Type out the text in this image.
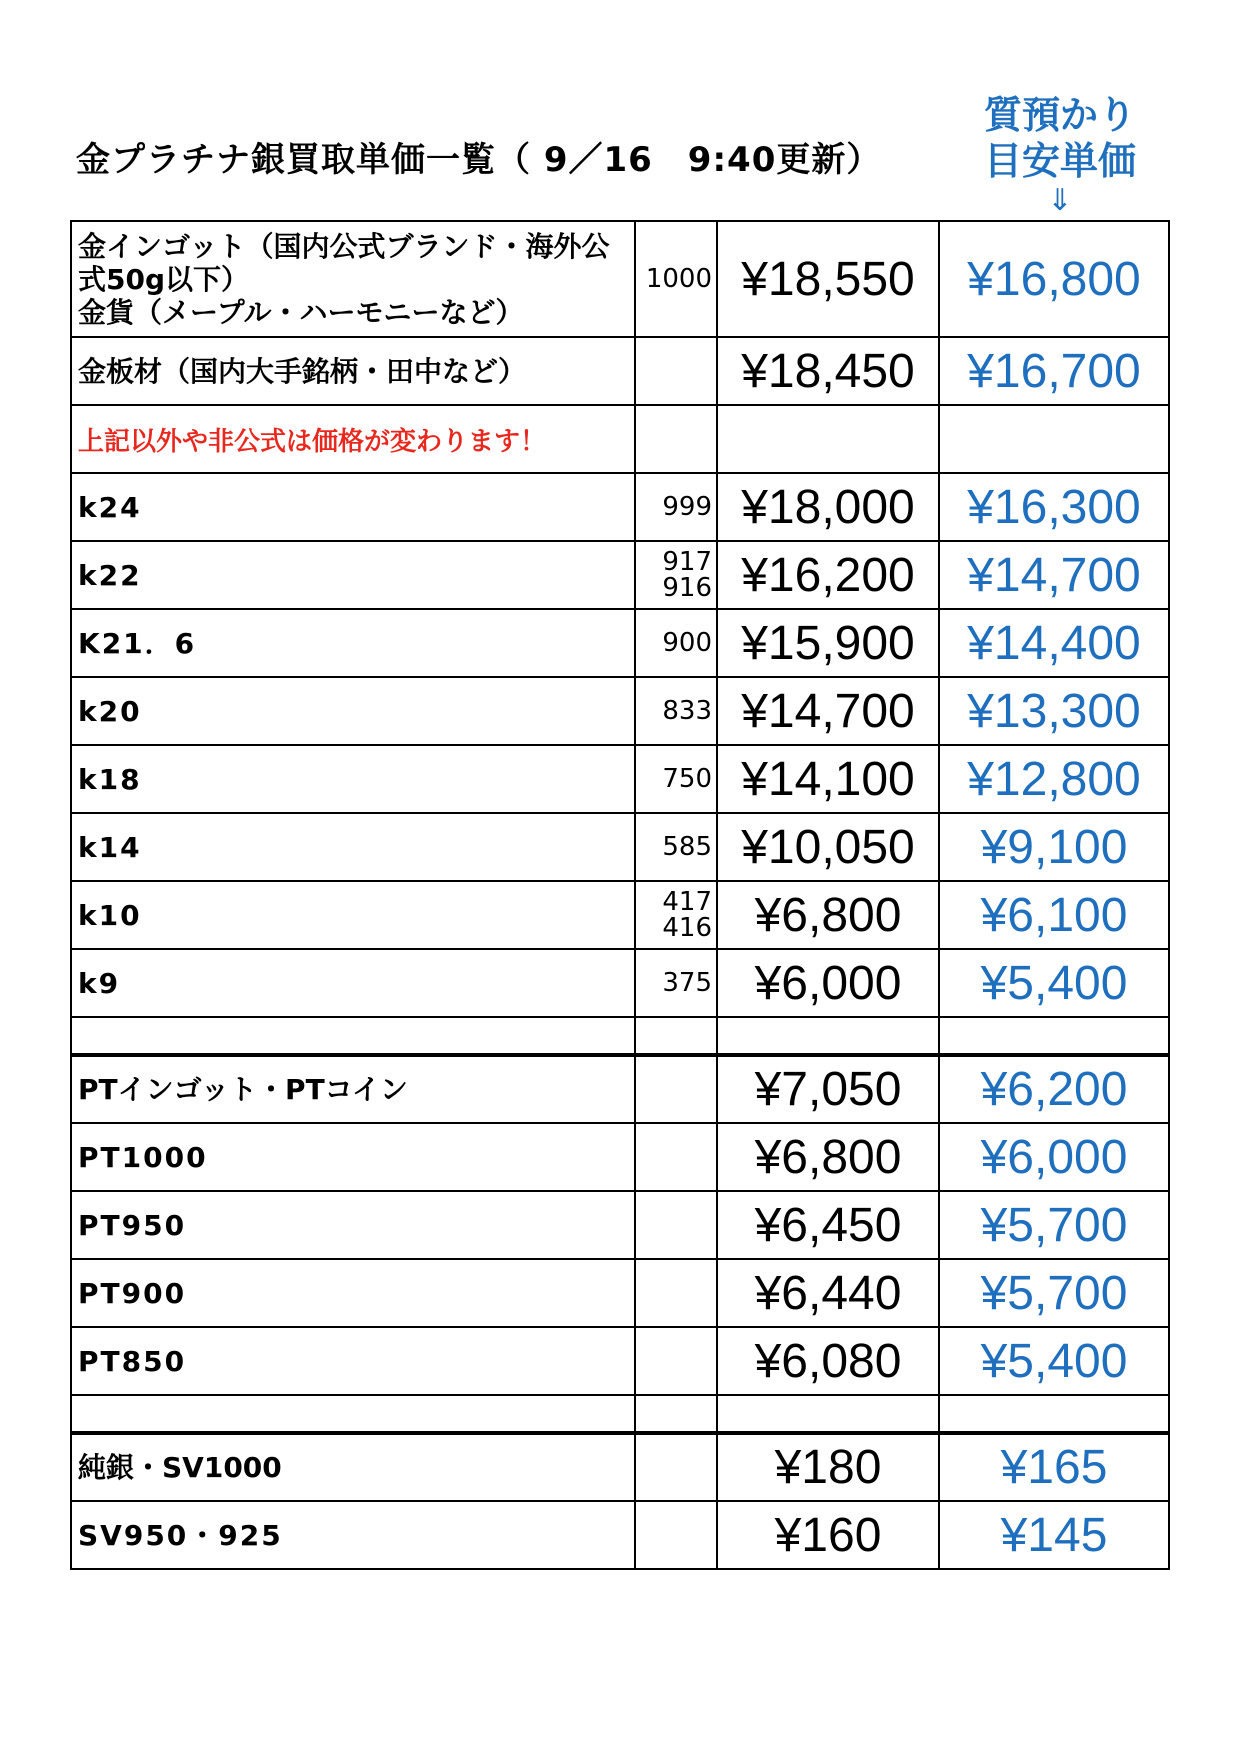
金プラチナ銀買取単価一覧（ 9／16　9:40更新）
質預かり
目安単価
⇓
金インゴット（国内公式ブランド・海外公
式50g以下）
金貨（メープル・ハーモニーなど）	1000	¥18,550	¥16,800

金板材（国内大手銘柄・田中など）		¥18,450	¥16,700
上記以外や非公式は価格が変わります！	

k24	999	¥18,000	¥16,300

k22	917
916	¥16,200	¥14,700

K21．6	900	¥15,900	¥14,400

k20	833	¥14,700	¥13,300

k18	750	¥14,100	¥12,800

k14	585	¥10,050	¥9,100

k10	417
416	¥6,800	¥6,100

k9	375	¥6,000	¥5,400

PTインゴット・PTコイン		¥7,050	¥6,200

PT1000		¥6,800	¥6,000

PT950		¥6,450	¥5,700

PT900		¥6,440	¥5,700

PT850		¥6,080	¥5,400

純銀・SV1000		¥180	¥165

SV950・925		¥160	¥145
